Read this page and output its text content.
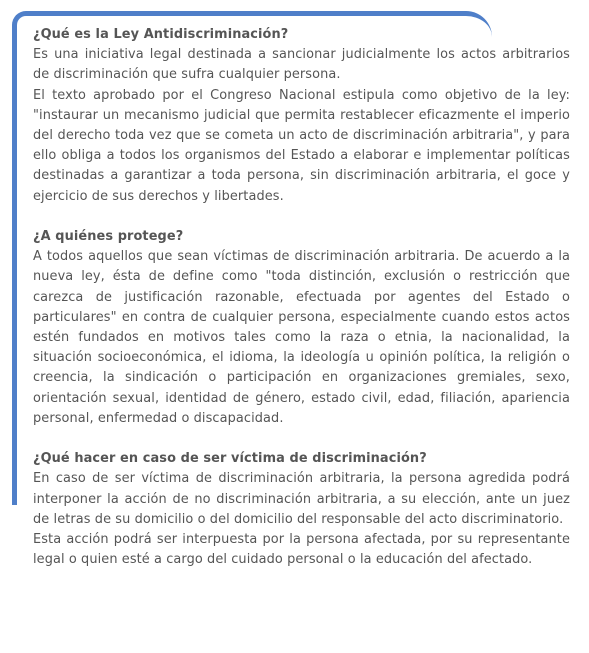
¿Qué es la Ley Antidiscriminación?

Es una iniciativa legal destinada a sancionar judicialmente los actos arbitrarios de discriminación que sufra cualquier persona.

El texto aprobado por el Congreso Nacional estipula como objetivo de la ley: "instaurar un mecanismo judicial que permita restablecer eficazmente el imperio del derecho toda vez que se cometa un acto de discriminación arbitraria", y para ello obliga a todos los organismos del Estado a elaborar e implementar políticas destinadas a garantizar a toda persona, sin discriminación arbitraria, el goce y ejercicio de sus derechos y libertades.

¿A quiénes protege?

A todos aquellos que sean víctimas de discriminación arbitraria. De acuerdo a la nueva ley, ésta de define como "toda distinción, exclusión o restricción que carezca de justificación razonable, efectuada por agentes del Estado o particulares" en contra de cualquier persona, especialmente cuando estos actos estén fundados en motivos tales como la raza o etnia, la nacionalidad, la situación socioeconómica, el idioma, la ideología u opinión política, la religión o creencia, la sindicación o participación en organizaciones gremiales, sexo, orientación sexual, identidad de género, estado civil, edad, filiación, apariencia personal, enfermedad o discapacidad.

¿Qué hacer en caso de ser víctima de discriminación?

En caso de ser víctima de discriminación arbitraria, la persona agredida podrá interponer la acción de no discriminación arbitraria, a su elección, ante un juez de letras de su domicilio o del domicilio del responsable del acto discriminatorio.

Esta acción podrá ser interpuesta por la persona afectada, por su representante legal o quien esté a cargo del cuidado personal o la educación del afectado.
